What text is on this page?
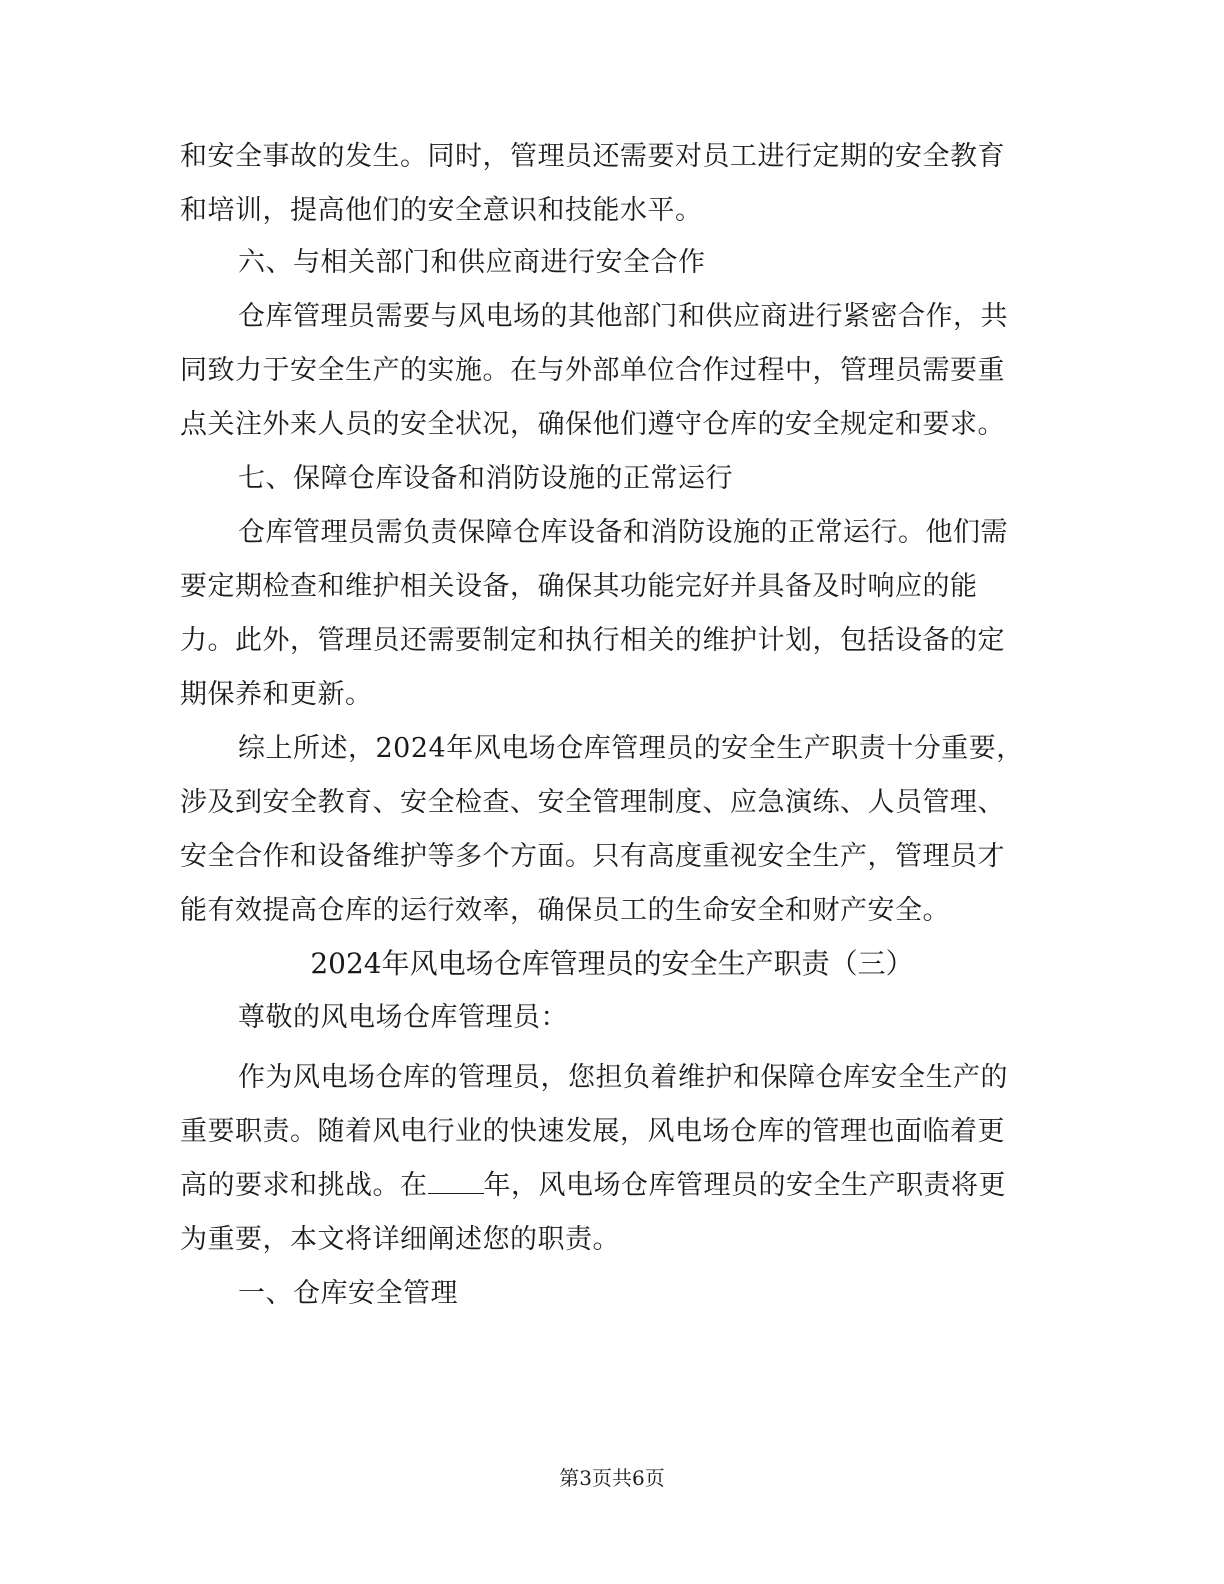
和安全事故的发生。同时，管理员还需要对员工进行定期的安全教育
和培训，提高他们的安全意识和技能水平。
六、与相关部门和供应商进行安全合作
仓库管理员需要与风电场的其他部门和供应商进行紧密合作，共
同致力于安全生产的实施。在与外部单位合作过程中，管理员需要重
点关注外来人员的安全状况，确保他们遵守仓库的安全规定和要求。
七、保障仓库设备和消防设施的正常运行
仓库管理员需负责保障仓库设备和消防设施的正常运行。他们需
要定期检查和维护相关设备，确保其功能完好并具备及时响应的能
力。此外，管理员还需要制定和执行相关的维护计划，包括设备的定
期保养和更新。
综上所述，2024年风电场仓库管理员的安全生产职责十分重要，
涉及到安全教育、安全检查、安全管理制度、应急演练、人员管理、
安全合作和设备维护等多个方面。只有高度重视安全生产，管理员才
能有效提高仓库的运行效率，确保员工的生命安全和财产安全。
2024年风电场仓库管理员的安全生产职责（三）
尊敬的风电场仓库管理员：
作为风电场仓库的管理员，您担负着维护和保障仓库安全生产的
重要职责。随着风电行业的快速发展，风电场仓库的管理也面临着更
高的要求和挑战。在 年，风电场仓库管理员的安全生产职责将更
为重要，本文将详细阐述您的职责。
一、仓库安全管理
第3页共6页
